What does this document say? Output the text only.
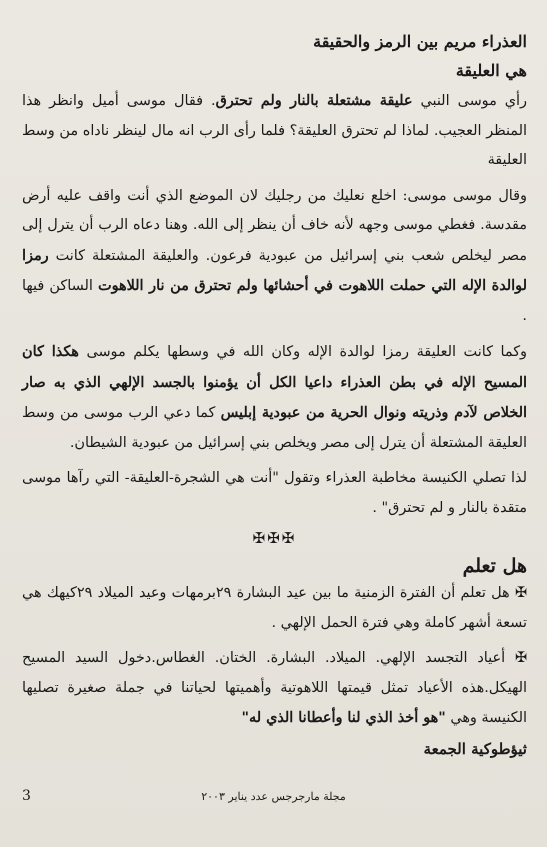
العذراء مريم بين الرمز والحقيقة
هي العليقة

رأي موسى النبي عليقة مشتعلة بالنار ولم تحترق. فقال موسى أميل وانظر هذا المنظر العجيب. لماذا لم تحترق العليقة؟ فلما رأى الرب انه مال لينظر ناداه من وسط العليقة

وقال موسى موسى: اخلع نعليك من رجليك لان الموضع الذي أنت واقف عليه أرض مقدسة. فغطي موسى وجهه لأنه خاف أن ينظر إلى الله. وهنا دعاه الرب أن يترل إلى مصر ليخلص شعب بني إسرائيل من عبودية فرعون. والعليقة المشتعلة كانت رمزا لوالدة الإله التي حملت اللاهوت في أحشائها ولم تحترق من نار اللاهوت الساكن فيها .

وكما كانت العليقة رمزا لوالدة الإله وكان الله في وسطها يكلم موسى هكذا كان المسيح الإله في بطن العذراء داعيا الكل أن يؤمنوا بالجسد الإلهي الذي به صار الخلاص لآدم وذريته ونوال الحرية من عبودية إبليس كما دعي الرب موسى من وسط العليقة المشتعلة أن يترل إلى مصر ويخلص بني إسرائيل من عبودية الشيطان.

لذا تصلي الكنيسة مخاطبة العذراء وتقول "أنت هي الشجرة-العليقة- التي رآها موسى متقدة بالنار و لم تحترق" .

✠✠✠
هل تعلم

✠ هل تعلم أن الفترة الزمنية ما بين عيد البشارة ٢٩برمهات وعيد الميلاد ٢٩كيهك هي تسعة أشهر كاملة وهي فترة الحمل الإلهي .

✠ أعياد التجسد الإلهي. الميلاد. البشارة. الختان. الغطاس.دخول السيد المسيح الهيكل.هذه الأعياد تمثل قيمتها اللاهوتية وأهميتها لحياتنا في جملة صغيرة تصليها الكنيسة وهي "هو أخذ الذي لنا وأعطانا الذي له"

ثيؤطوكية الجمعة
مجلة مارجرجس عدد يناير ٢٠٠٣
3
